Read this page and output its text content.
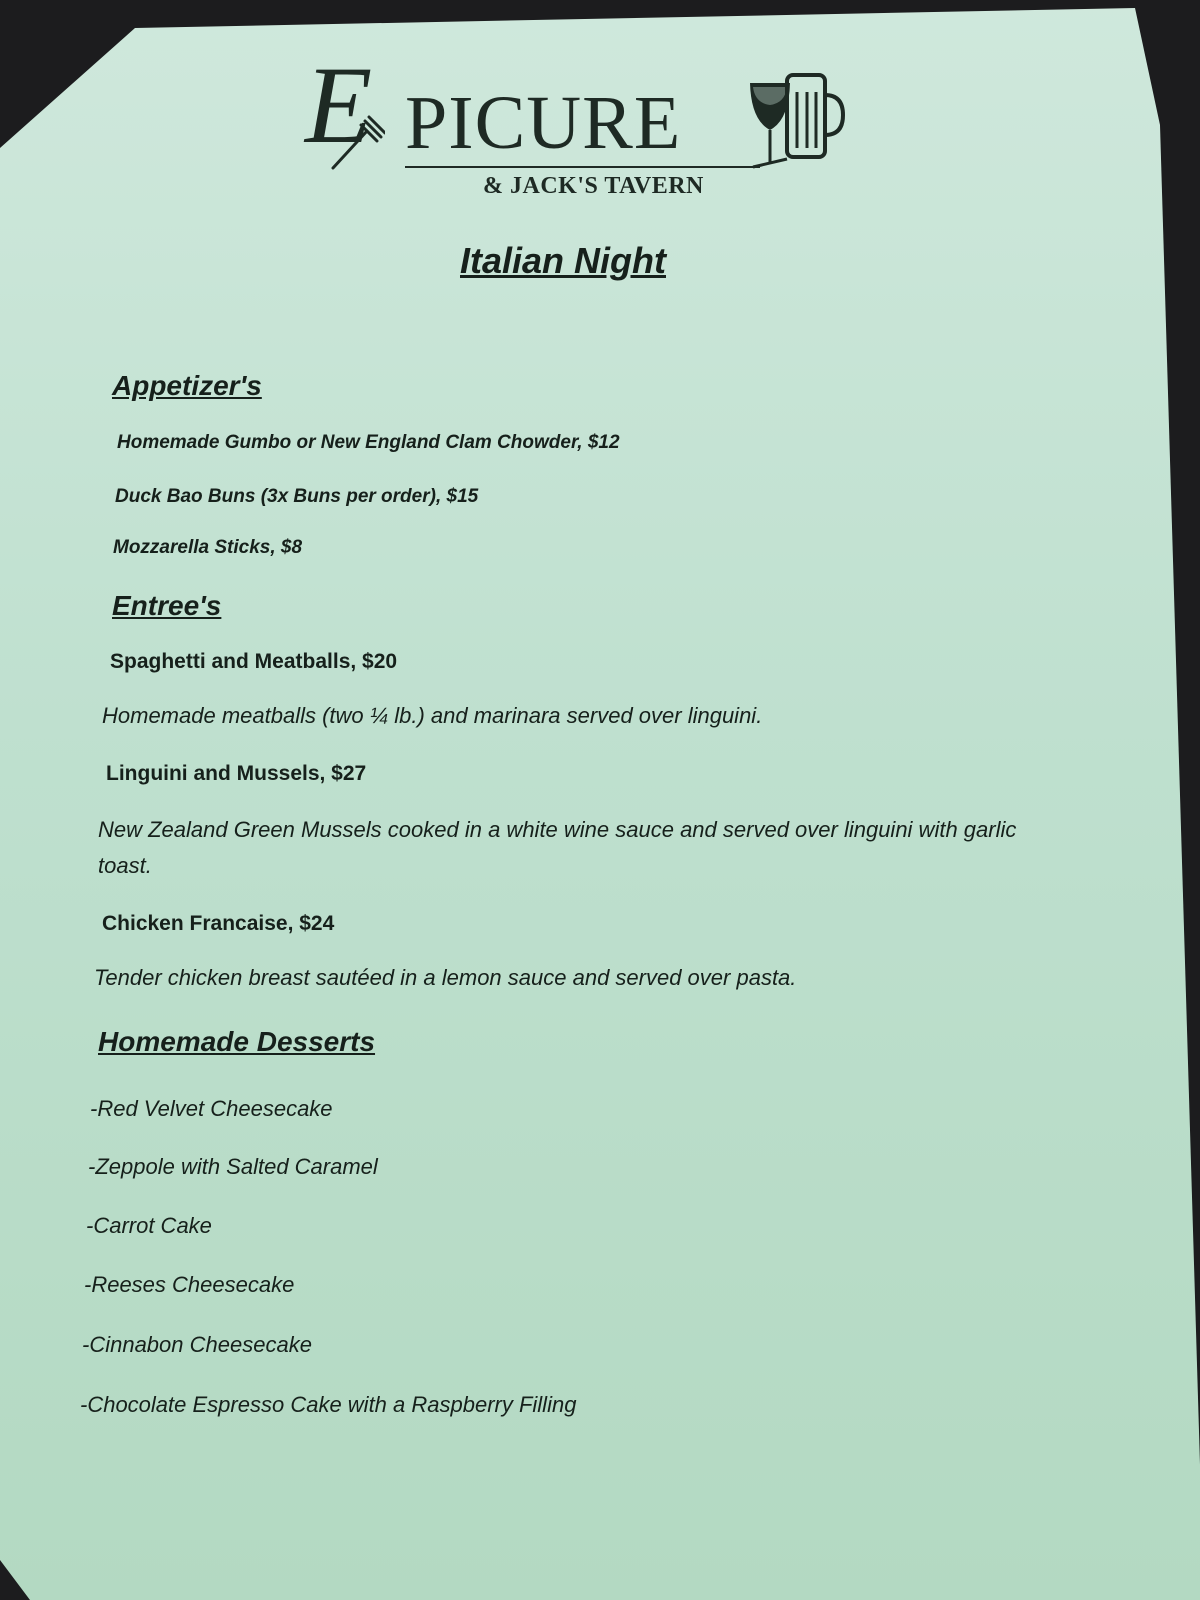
E PICURE
& JACK'S TAVERN
Italian Night
Appetizer's
Homemade Gumbo or New England Clam Chowder, $12
Duck Bao Buns (3x Buns per order), $15
Mozzarella Sticks, $8
Entree's
Spaghetti and Meatballs, $20
Homemade meatballs (two ¼ lb.) and marinara served over linguini.
Linguini and Mussels, $27
New Zealand Green Mussels cooked in a white wine sauce and served over linguini with garlic toast.
Chicken Francaise, $24
Tender chicken breast sautéed in a lemon sauce and served over pasta.
Homemade Desserts
-Red Velvet Cheesecake
-Zeppole with Salted Caramel
-Carrot Cake
-Reeses Cheesecake
-Cinnabon Cheesecake
-Chocolate Espresso Cake with a Raspberry Filling
